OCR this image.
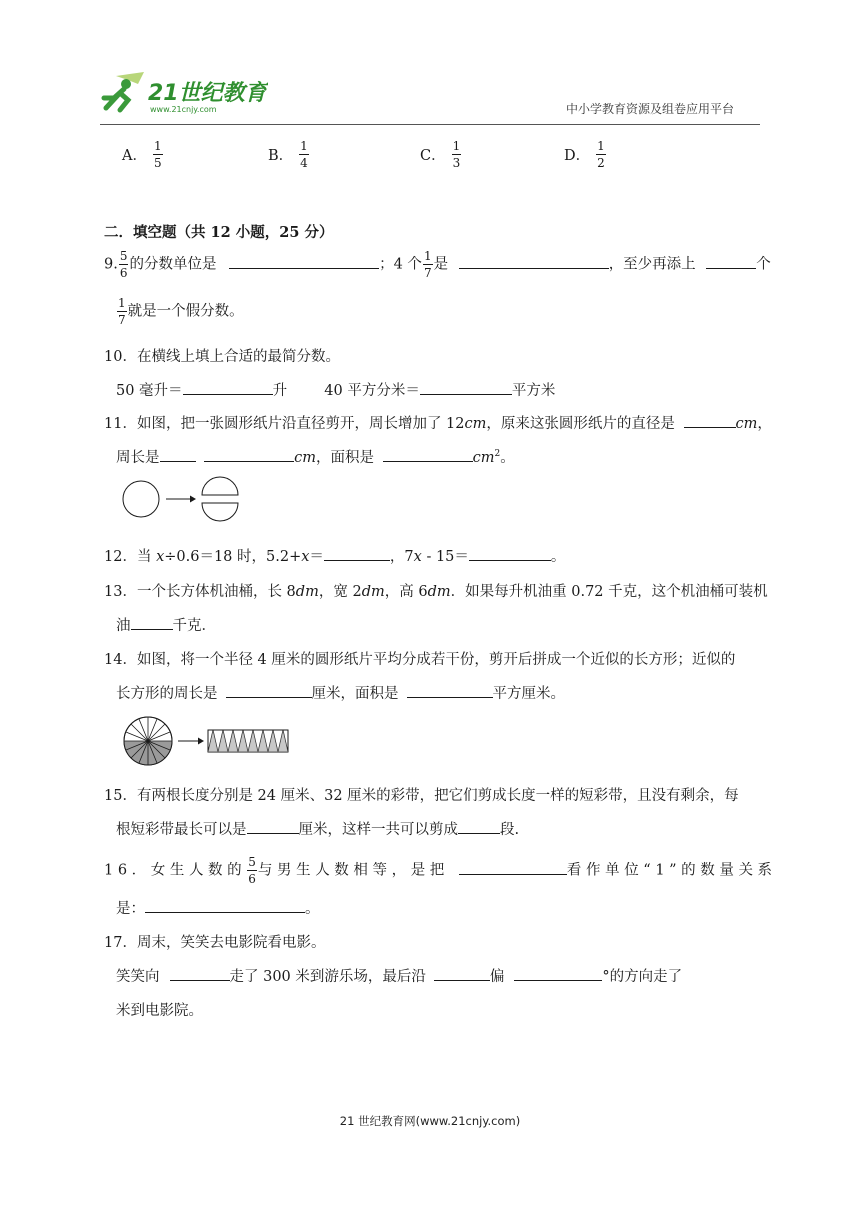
21世纪教育
www.21cnjy.com	中小学教育资源及组卷应用平台
A． $\frac{1}{5}$	B． $\frac{1}{4}$	C． $\frac{1}{3}$	D． $\frac{1}{2}$
二．填空题（共 12 小题，25 分）
9. $\frac{5}{6}$ 的分数单位是	；4 个 $\frac{1}{7}$ 是	，至少再添上	个
$\frac{1}{7}$ 就是一个假分数。
10．在横线上填上合适的最简分数。
50 毫升＝	升	40 平方分米＝	平方米
11．如图，把一张圆形纸片沿直径剪开，周长增加了 12cm，原来这张圆形纸片的直径是	cm，
周长是	cm，面积是	$cm^2$。
12．当 x÷0.6＝18 时，5.2+x＝	，7x ‐ 15＝	。
13．一个长方体机油桶，长 8dm，宽 2dm，高 6dm．如果每升机油重 0.72 千克，这个机油桶可装机
油	千克．
14．如图，将一个半径 4 厘米的圆形纸片平均分成若干份，剪开后拼成一个近似的长方形；近似的
长方形的周长是	厘米，面积是	平方厘米。
15．有两根长度分别是 24 厘米、32 厘米的彩带，把它们剪成长度一样的短彩带，且没有剩余，每
根短彩带最长可以是	厘米，这样一共可以剪成	段.
16．女生人数的 $\frac{5}{6}$ 与男生人数相等，是把	看作单位“1”的数量关系
是：	。
17．周末，笑笑去电影院看电影。
笑笑向	走了 300 米到游乐场，最后沿	偏	°的方向走了
米到电影院。
21 世纪教育网(www.21cnjy.com)
